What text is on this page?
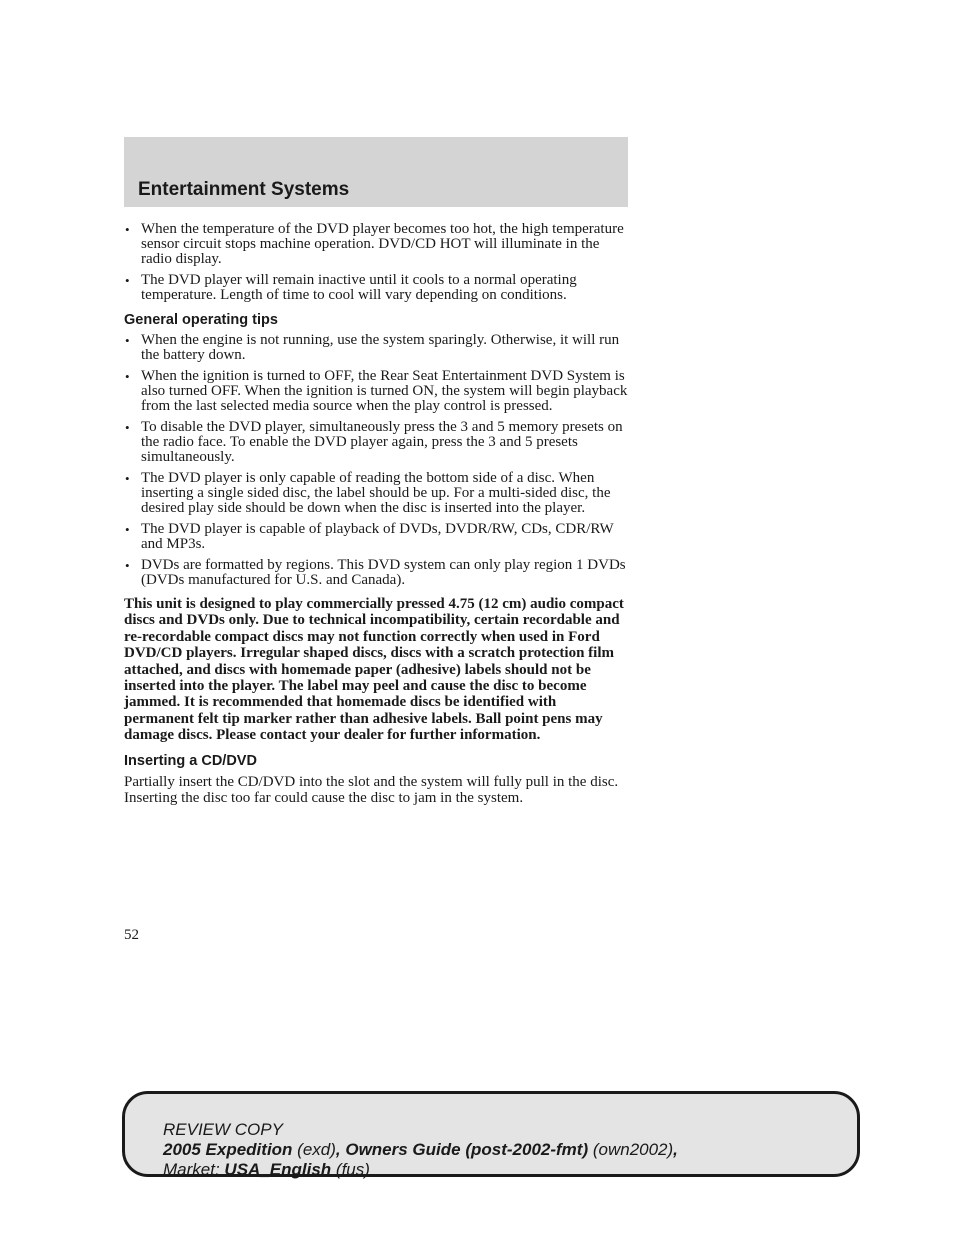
Entertainment Systems
• When the temperature of the DVD player becomes too hot, the high temperature sensor circuit stops machine operation. DVD/CD HOT will illuminate in the radio display.
• The DVD player will remain inactive until it cools to a normal operating temperature. Length of time to cool will vary depending on conditions.
General operating tips
• When the engine is not running, use the system sparingly. Otherwise, it will run the battery down.
• When the ignition is turned to OFF, the Rear Seat Entertainment DVD System is also turned OFF. When the ignition is turned ON, the system will begin playback from the last selected media source when the play control is pressed.
• To disable the DVD player, simultaneously press the 3 and 5 memory presets on the radio face. To enable the DVD player again, press the 3 and 5 presets simultaneously.
• The DVD player is only capable of reading the bottom side of a disc. When inserting a single sided disc, the label should be up. For a multi-sided disc, the desired play side should be down when the disc is inserted into the player.
• The DVD player is capable of playback of DVDs, DVDR/RW, CDs, CDR/RW and MP3s.
• DVDs are formatted by regions. This DVD system can only play region 1 DVDs (DVDs manufactured for U.S. and Canada).

This unit is designed to play commercially pressed 4.75 (12 cm) audio compact discs and DVDs only. Due to technical incompatibility, certain recordable and re-recordable compact discs may not function correctly when used in Ford DVD/CD players. Irregular shaped discs, discs with a scratch protection film attached, and discs with homemade paper (adhesive) labels should not be inserted into the player. The label may peel and cause the disc to become jammed. It is recommended that homemade discs be identified with permanent felt tip marker rather than adhesive labels. Ball point pens may damage discs. Please contact your dealer for further information.

Inserting a CD/DVD

Partially insert the CD/DVD into the slot and the system will fully pull in the disc. Inserting the disc too far could cause the disc to jam in the system.

52
REVIEW COPY
2005 Expedition (exd), Owners Guide (post-2002-fmt) (own2002),
Market: USA_English (fus)
